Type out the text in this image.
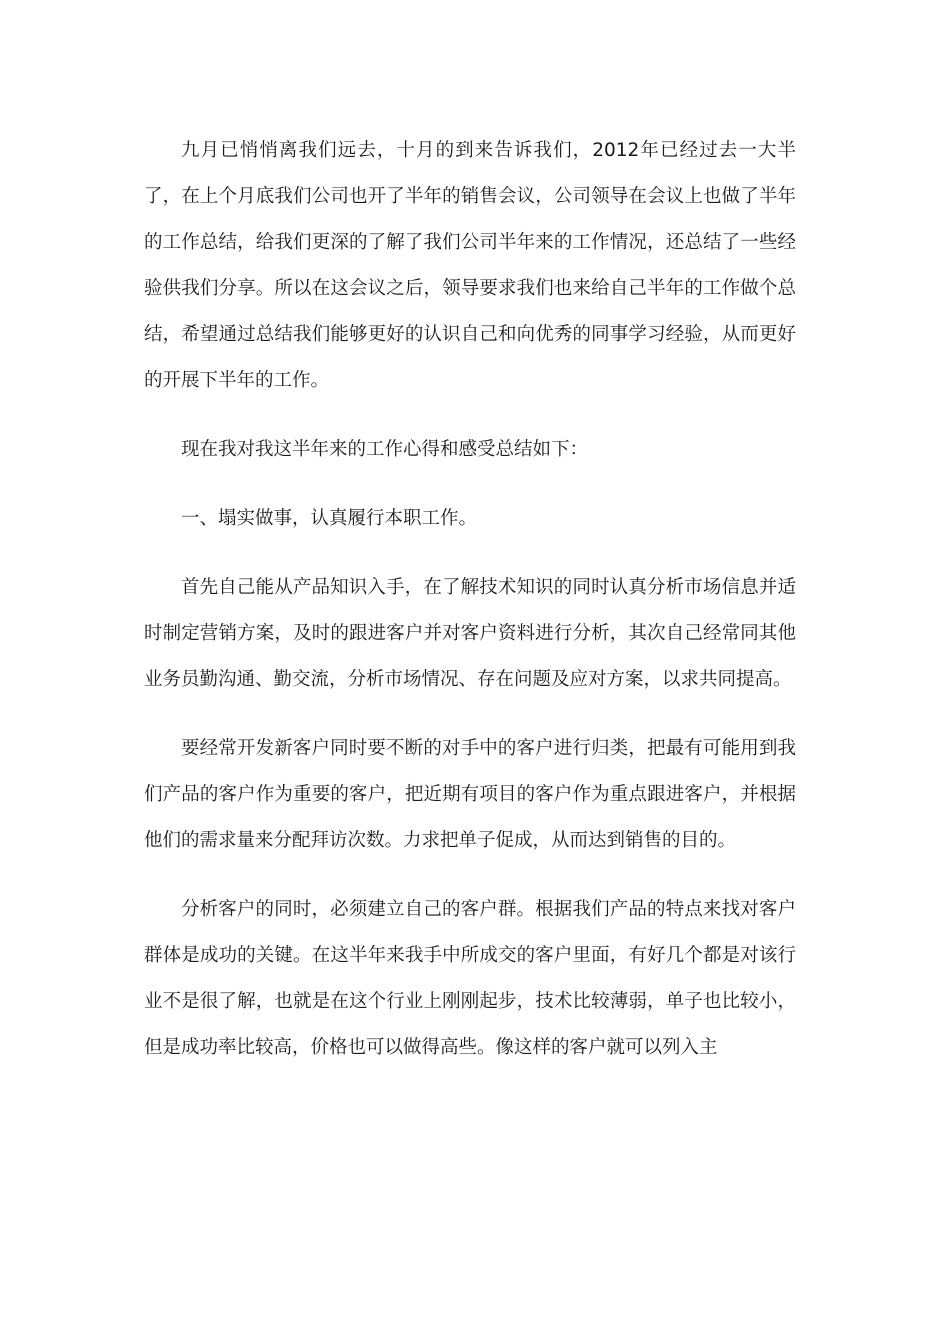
九月已悄悄离我们远去，十月的到来告诉我们，2012年已经过去一大半了，在上个月底我们公司也开了半年的销售会议，公司领导在会议上也做了半年的工作总结，给我们更深的了解了我们公司半年来的工作情况，还总结了一些经验供我们分享。所以在这会议之后，领导要求我们也来给自己半年的工作做个总结，希望通过总结我们能够更好的认识自己和向优秀的同事学习经验，从而更好的开展下半年的工作。

现在我对我这半年来的工作心得和感受总结如下：

一、塌实做事，认真履行本职工作。

首先自己能从产品知识入手，在了解技术知识的同时认真分析市场信息并适时制定营销方案，及时的跟进客户并对客户资料进行分析，其次自己经常同其他业务员勤沟通、勤交流，分析市场情况、存在问题及应对方案，以求共同提高。

要经常开发新客户同时要不断的对手中的客户进行归类，把最有可能用到我们产品的客户作为重要的客户，把近期有项目的客户作为重点跟进客户，并根据他们的需求量来分配拜访次数。力求把单子促成，从而达到销售的目的。

分析客户的同时，必须建立自己的客户群。根据我们产品的特点来找对客户群体是成功的关键。在这半年来我手中所成交的客户里面，有好几个都是对该行业不是很了解，也就是在这个行业上刚刚起步，技术比较薄弱，单子也比较小，但是成功率比较高，价格也可以做得高些。像这样的客户就可以列入主
